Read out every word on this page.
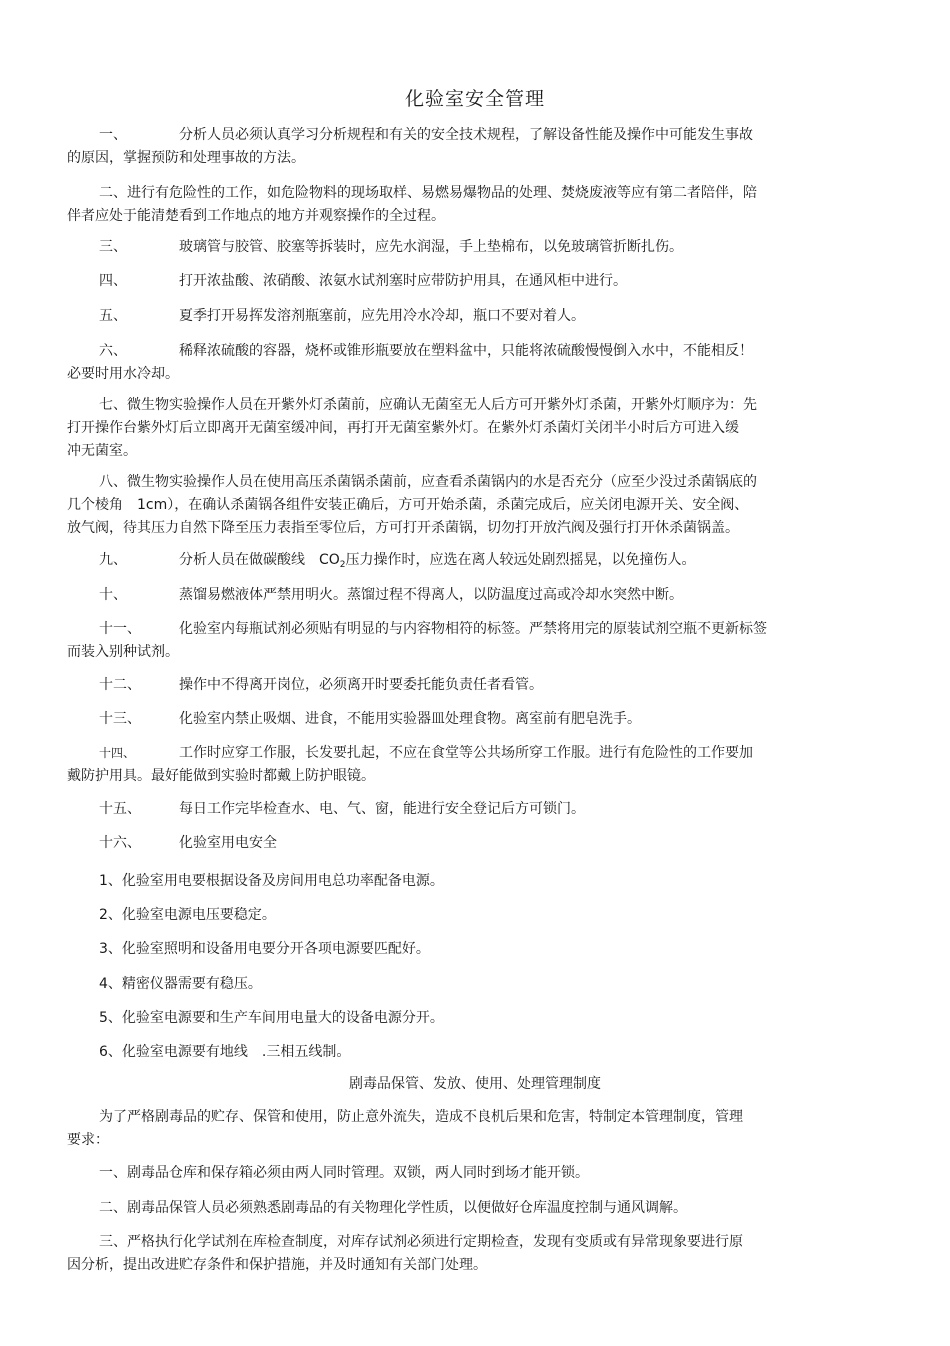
化验室安全管理
一、	分析人员必须认真学习分析规程和有关的安全技术规程，了解设备性能及操作中可能发生事故
的原因，掌握预防和处理事故的方法。
二、进行有危险性的工作，如危险物料的现场取样、易燃易爆物品的处理、焚烧废液等应有第二者陪伴，陪
伴者应处于能清楚看到工作地点的地方并观察操作的全过程。
三、	玻璃管与胶管、胶塞等拆装时，应先水润湿，手上垫棉布，以免玻璃管折断扎伤。
四、	打开浓盐酸、浓硝酸、浓氨水试剂塞时应带防护用具，在通风柜中进行。
五、	夏季打开易挥发溶剂瓶塞前，应先用冷水冷却，瓶口不要对着人。
六、	稀释浓硫酸的容器，烧杯或锥形瓶要放在塑料盆中，只能将浓硫酸慢慢倒入水中，不能相反！
必要时用水冷却。
七、微生物实验操作人员在开紫外灯杀菌前，应确认无菌室无人后方可开紫外灯杀菌，开紫外灯顺序为：先
打开操作台紫外灯后立即离开无菌室缓冲间，再打开无菌室紫外灯。在紫外灯杀菌灯关闭半小时后方可进入缓
冲无菌室。
八、微生物实验操作人员在使用高压杀菌锅杀菌前，应查看杀菌锅内的水是否充分（应至少没过杀菌锅底的
几个棱角　1cm），在确认杀菌锅各组件安装正确后，方可开始杀菌，杀菌完成后，应关闭电源开关、安全阀、
放气阀，待其压力自然下降至压力表指至零位后，方可打开杀菌锅，切勿打开放汽阀及强行打开休杀菌锅盖。
九、	分析人员在做碳酸线　$CO_2$压力操作时，应选在离人较远处剧烈摇晃，以免撞伤人。
十、	蒸馏易燃液体严禁用明火。蒸馏过程不得离人，以防温度过高或冷却水突然中断。
十一、	化验室内每瓶试剂必须贴有明显的与内容物相符的标签。严禁将用完的原装试剂空瓶不更新标签
而装入别种试剂。
十二、	操作中不得离开岗位，必须离开时要委托能负责任者看管。
十三、	化验室内禁止吸烟、进食，不能用实验器皿处理食物。离室前有肥皂洗手。
十四、	工作时应穿工作服，长发要扎起，不应在食堂等公共场所穿工作服。进行有危险性的工作要加
戴防护用具。最好能做到实验时都戴上防护眼镜。
十五、	每日工作完毕检查水、电、气、窗，能进行安全登记后方可锁门。
十六、	化验室用电安全
1、化验室用电要根据设备及房间用电总功率配备电源。
2、化验室电源电压要稳定。
3、化验室照明和设备用电要分开各项电源要匹配好。
4、精密仪器需要有稳压。
5、化验室电源要和生产车间用电量大的设备电源分开。
6、化验室电源要有地线　.三相五线制。
剧毒品保管、发放、使用、处理管理制度
为了严格剧毒品的贮存、保管和使用，防止意外流失，造成不良机后果和危害，特制定本管理制度，管理
要求：
一、剧毒品仓库和保存箱必须由两人同时管理。双锁，两人同时到场才能开锁。
二、剧毒品保管人员必须熟悉剧毒品的有关物理化学性质，以便做好仓库温度控制与通风调解。
三、严格执行化学试剂在库检查制度，对库存试剂必须进行定期检查，发现有变质或有异常现象要进行原
因分析，提出改进贮存条件和保护措施，并及时通知有关部门处理。
